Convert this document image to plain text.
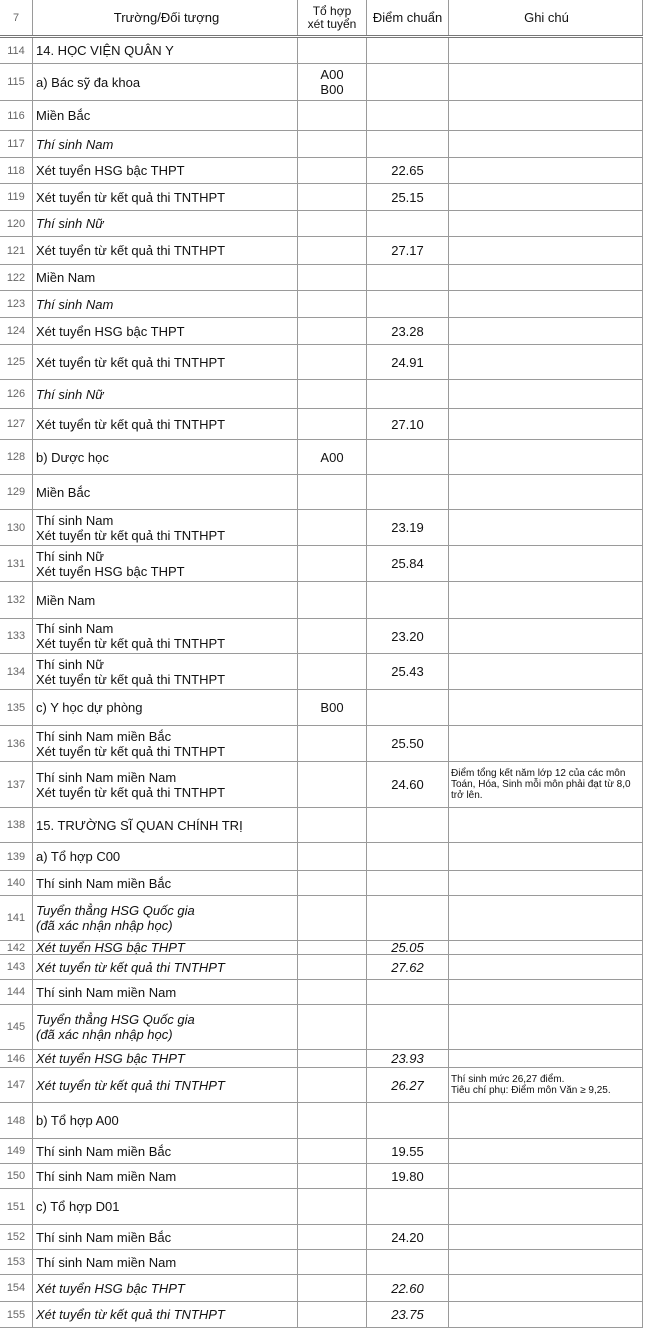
7	Trường/Đối tượng	Tổ hợp
xét tuyển	Điểm chuẩn	Ghi chú
114 14. HỌC VIỆN QUÂN Y
115 a) Bác sỹ đa khoa	A00
B00
116 Miền Bắc
117 Thí sinh Nam
118 Xét tuyển HSG bậc THPT	22.65
119 Xét tuyển từ kết quả thi TNTHPT	25.15
120 Thí sinh Nữ
121 Xét tuyển từ kết quả thi TNTHPT	27.17
122 Miền Nam
123 Thí sinh Nam
124 Xét tuyển HSG bậc THPT	23.28
125 Xét tuyển từ kết quả thi TNTHPT	24.91
126 Thí sinh Nữ
127 Xét tuyển từ kết quả thi TNTHPT	27.10
128 b) Dược học	A00
129 Miền Bắc
130 Thí sinh Nam
Xét tuyển từ kết quả thi TNTHPT	23.19
131 Thí sinh Nữ
Xét tuyển HSG bậc THPT	25.84
132 Miền Nam
133 Thí sinh Nam
Xét tuyển từ kết quả thi TNTHPT	23.20
134 Thí sinh Nữ
Xét tuyển từ kết quả thi TNTHPT	25.43
135 c) Y học dự phòng	B00
136 Thí sinh Nam miền Bắc
Xét tuyển từ kết quả thi TNTHPT	25.50
137 Thí sinh Nam miền Nam
Xét tuyển từ kết quả thi TNTHPT	24.60
Điểm tổng kết năm lớp 12 của các môn Toán, Hóa, Sinh mỗi môn phải đạt từ 8,0 trở lên.
138 15. TRƯỜNG SĨ QUAN CHÍNH TRỊ
139 a) Tổ hợp C00
140 Thí sinh Nam miền Bắc
141 Tuyển thẳng HSG Quốc gia
(đã xác nhận nhập học)
142 Xét tuyển HSG bậc THPT	25.05
143 Xét tuyển từ kết quả thi TNTHPT	27.62
144 Thí sinh Nam miền Nam
145 Tuyển thẳng HSG Quốc gia
(đã xác nhận nhập học)
146 Xét tuyển HSG bậc THPT	23.93
147 Xét tuyển từ kết quả thi TNTHPT	26.27	Thí sinh mức 26,27 điểm.
Tiêu chí phụ: Điểm môn Văn ≥ 9,25.
148 b) Tổ hợp A00
149 Thí sinh Nam miền Bắc	19.55
150 Thí sinh Nam miền Nam	19.80
151 c) Tổ hợp D01
152 Thí sinh Nam miền Bắc	24.20
153 Thí sinh Nam miền Nam
154 Xét tuyển HSG bậc THPT	22.60
155 Xét tuyển từ kết quả thi TNTHPT	23.75
